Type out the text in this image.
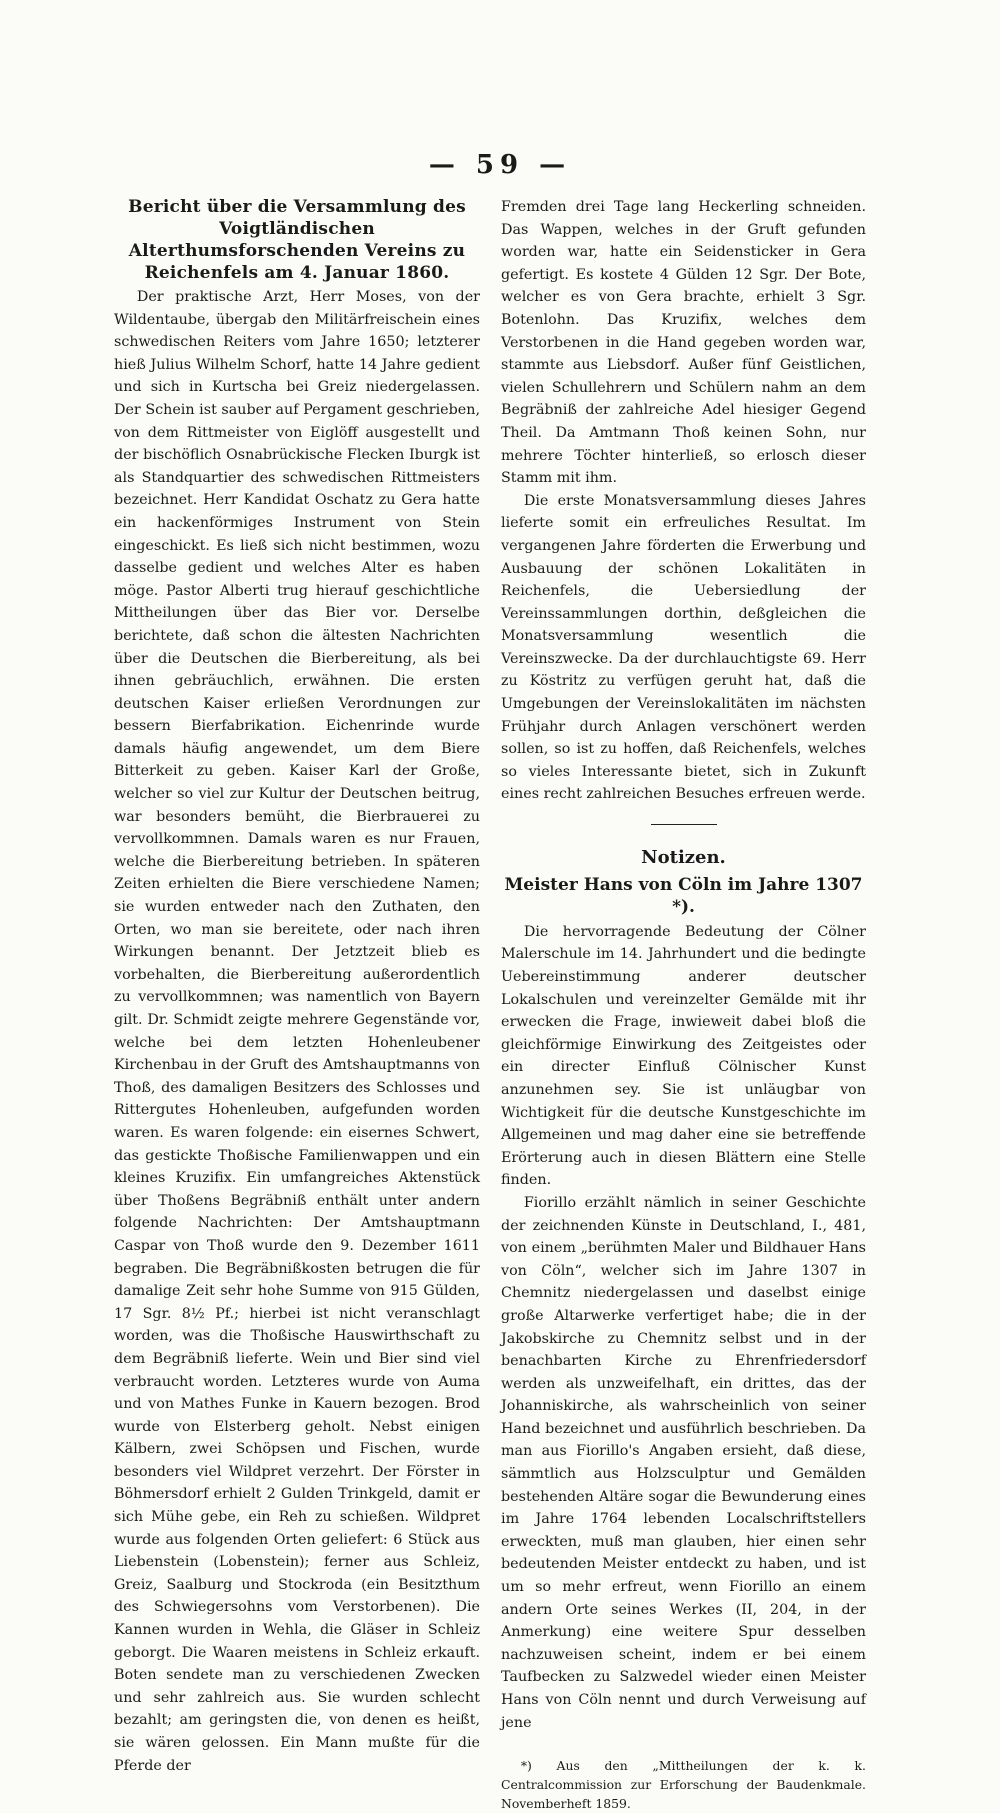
— 59 —
Bericht über die Versammlung des Voigtländischen Alterthumsforschenden Vereins zu Reichenfels am 4. Januar 1860.

Der praktische Arzt, Herr Moses, von der Wildentaube, übergab den Militärfreischein eines schwedischen Reiters vom Jahre 1650; letzterer hieß Julius Wilhelm Schorf, hatte 14 Jahre gedient und sich in Kurtscha bei Greiz niedergelassen. Der Schein ist sauber auf Pergament geschrieben, von dem Rittmeister von Eiglöff ausgestellt und der bischöflich Osnabrückische Flecken Iburgk ist als Standquartier des schwedischen Rittmeisters bezeichnet. Herr Kandidat Oschatz zu Gera hatte ein hackenförmiges Instrument von Stein eingeschickt. Es ließ sich nicht bestimmen, wozu dasselbe gedient und welches Alter es haben möge. Pastor Alberti trug hierauf geschichtliche Mittheilungen über das Bier vor. Derselbe berichtete, daß schon die ältesten Nachrichten über die Deutschen die Bierbereitung, als bei ihnen gebräuchlich, erwähnen. Die ersten deutschen Kaiser erließen Verordnungen zur bessern Bierfabrikation. Eichenrinde wurde damals häufig angewendet, um dem Biere Bitterkeit zu geben. Kaiser Karl der Große, welcher so viel zur Kultur der Deutschen beitrug, war besonders bemüht, die Bierbrauerei zu vervollkommnen. Damals waren es nur Frauen, welche die Bierbereitung betrieben. In späteren Zeiten erhielten die Biere verschiedene Namen; sie wurden entweder nach den Zuthaten, den Orten, wo man sie bereitete, oder nach ihren Wirkungen benannt. Der Jetztzeit blieb es vorbehalten, die Bierbereitung außerordentlich zu vervollkommnen; was namentlich von Bayern gilt. Dr. Schmidt zeigte mehrere Gegenstände vor, welche bei dem letzten Hohenleubener Kirchenbau in der Gruft des Amtshauptmanns von Thoß, des damaligen Besitzers des Schlosses und Rittergutes Hohenleuben, aufgefunden worden waren. Es waren folgende: ein eisernes Schwert, das gestickte Thoßische Familienwappen und ein kleines Kruzifix. Ein umfangreiches Aktenstück über Thoßens Begräbniß enthält unter andern folgende Nachrichten: Der Amtshauptmann Caspar von Thoß wurde den 9. Dezember 1611 begraben. Die Begräbnißkosten betrugen die für damalige Zeit sehr hohe Summe von 915 Gülden, 17 Sgr. 8½ Pf.; hierbei ist nicht veranschlagt worden, was die Thoßische Hauswirthschaft zu dem Begräbniß lieferte. Wein und Bier sind viel verbraucht worden. Letzteres wurde von Auma und von Mathes Funke in Kauern bezogen. Brod wurde von Elsterberg geholt. Nebst einigen Kälbern, zwei Schöpsen und Fischen, wurde besonders viel Wildpret verzehrt. Der Förster in Böhmersdorf erhielt 2 Gulden Trinkgeld, damit er sich Mühe gebe, ein Reh zu schießen. Wildpret wurde aus folgenden Orten geliefert: 6 Stück aus Liebenstein (Lobenstein); ferner aus Schleiz, Greiz, Saalburg und Stockroda (ein Besitzthum des Schwiegersohns vom Verstorbenen). Die Kannen wurden in Wehla, die Gläser in Schleiz geborgt. Die Waaren meistens in Schleiz erkauft. Boten sendete man zu verschiedenen Zwecken und sehr zahlreich aus. Sie wurden schlecht bezahlt; am geringsten die, von denen es heißt, sie wären gelossen. Ein Mann mußte für die Pferde der

Fremden drei Tage lang Heckerling schneiden. Das Wappen, welches in der Gruft gefunden worden war, hatte ein Seidensticker in Gera gefertigt. Es kostete 4 Gülden 12 Sgr. Der Bote, welcher es von Gera brachte, erhielt 3 Sgr. Botenlohn. Das Kruzifix, welches dem Verstorbenen in die Hand gegeben worden war, stammte aus Liebsdorf. Außer fünf Geistlichen, vielen Schullehrern und Schülern nahm an dem Begräbniß der zahlreiche Adel hiesiger Gegend Theil. Da Amtmann Thoß keinen Sohn, nur mehrere Töchter hinterließ, so erlosch dieser Stamm mit ihm.

Die erste Monatsversammlung dieses Jahres lieferte somit ein erfreuliches Resultat. Im vergangenen Jahre förderten die Erwerbung und Ausbauung der schönen Lokalitäten in Reichenfels, die Uebersiedlung der Vereinssammlungen dorthin, deßgleichen die Monatsversammlung wesentlich die Vereinszwecke. Da der durchlauchtigste 69. Herr zu Köstritz zu verfügen geruht hat, daß die Umgebungen der Vereinslokalitäten im nächsten Frühjahr durch Anlagen verschönert werden sollen, so ist zu hoffen, daß Reichenfels, welches so vieles Interessante bietet, sich in Zukunft eines recht zahlreichen Besuches erfreuen werde.

Notizen.
Meister Hans von Cöln im Jahre 1307 *).

Die hervorragende Bedeutung der Cölner Malerschule im 14. Jahrhundert und die bedingte Uebereinstimmung anderer deutscher Lokalschulen und vereinzelter Gemälde mit ihr erwecken die Frage, inwieweit dabei bloß die gleichförmige Einwirkung des Zeitgeistes oder ein directer Einfluß Cölnischer Kunst anzunehmen sey. Sie ist unläugbar von Wichtigkeit für die deutsche Kunstgeschichte im Allgemeinen und mag daher eine sie betreffende Erörterung auch in diesen Blättern eine Stelle finden.

Fiorillo erzählt nämlich in seiner Geschichte der zeichnenden Künste in Deutschland, I., 481, von einem „berühmten Maler und Bildhauer Hans von Cöln“, welcher sich im Jahre 1307 in Chemnitz niedergelassen und daselbst einige große Altarwerke verfertiget habe; die in der Jakobskirche zu Chemnitz selbst und in der benachbarten Kirche zu Ehrenfriedersdorf werden als unzweifelhaft, ein drittes, das der Johanniskirche, als wahrscheinlich von seiner Hand bezeichnet und ausführlich beschrieben. Da man aus Fiorillo's Angaben ersieht, daß diese, sämmtlich aus Holzsculptur und Gemälden bestehenden Altäre sogar die Bewunderung eines im Jahre 1764 lebenden Localschriftstellers erweckten, muß man glauben, hier einen sehr bedeutenden Meister entdeckt zu haben, und ist um so mehr erfreut, wenn Fiorillo an einem andern Orte seines Werkes (II, 204, in der Anmerkung) eine weitere Spur desselben nachzuweisen scheint, indem er bei einem Taufbecken zu Salzwedel wieder einen Meister Hans von Cöln nennt und durch Verweisung auf jene

*) Aus den „Mittheilungen der k. k. Centralcommission zur Erforschung der Baudenkmale. Novemberheft 1859.
